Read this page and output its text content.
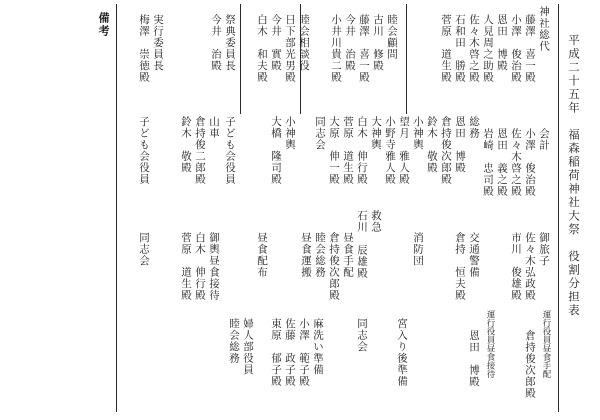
平成二十五年　福森稲荷神社大祭　役割分担表
神社総代
藤澤　喜一殿
小澤　俊治殿
恩田　博殿
人見周之助殿
佐々木啓之殿
石和田　勝殿
菅原　道生殿
会計
小澤　俊治殿
佐々木啓之殿
恩田　義之殿
岩崎　忠司殿
総務
恩田　博殿
倉持俊次郎殿
鈴木　敬殿
御旅子
佐々木弘政殿
市川　俊雄殿
交通警備
倉持　恒夫殿
消防団
運行役員昼食手配
倉持俊次郎殿
運行役員昼食接待
恩田　博殿
宮入り後準備
睦会顧問
古川　修殿
藤澤　喜一殿
今井　治殿
小井川貴二殿
小神輿
望月　雅人殿
小野寺雅人殿
救急
石川　辰雄殿
大神輿
白木　伸行殿
菅原　道生殿
大原　伸一殿
同志会
昼食手配
倉持俊次郎殿
睦会総務
昼食運搬
同志会
睦会相談役
日下部光男殿
今井　實殿
白木　和夫殿
小神輿
大橋　隆司殿
子ども会役員
昼食配布
麻洗い準備
小澤　範子殿
佐藤　政子殿
東原　郁子殿
祭典委員長
今井　治殿
実行委員長
梅澤　崇徳殿
山車
倉持俊二郎殿
鈴木　敬殿
子ども会役員
御輿昼食接待
白木　伸行殿
菅原　道生殿
同志会
婦人部役員
睦会総務
備考
